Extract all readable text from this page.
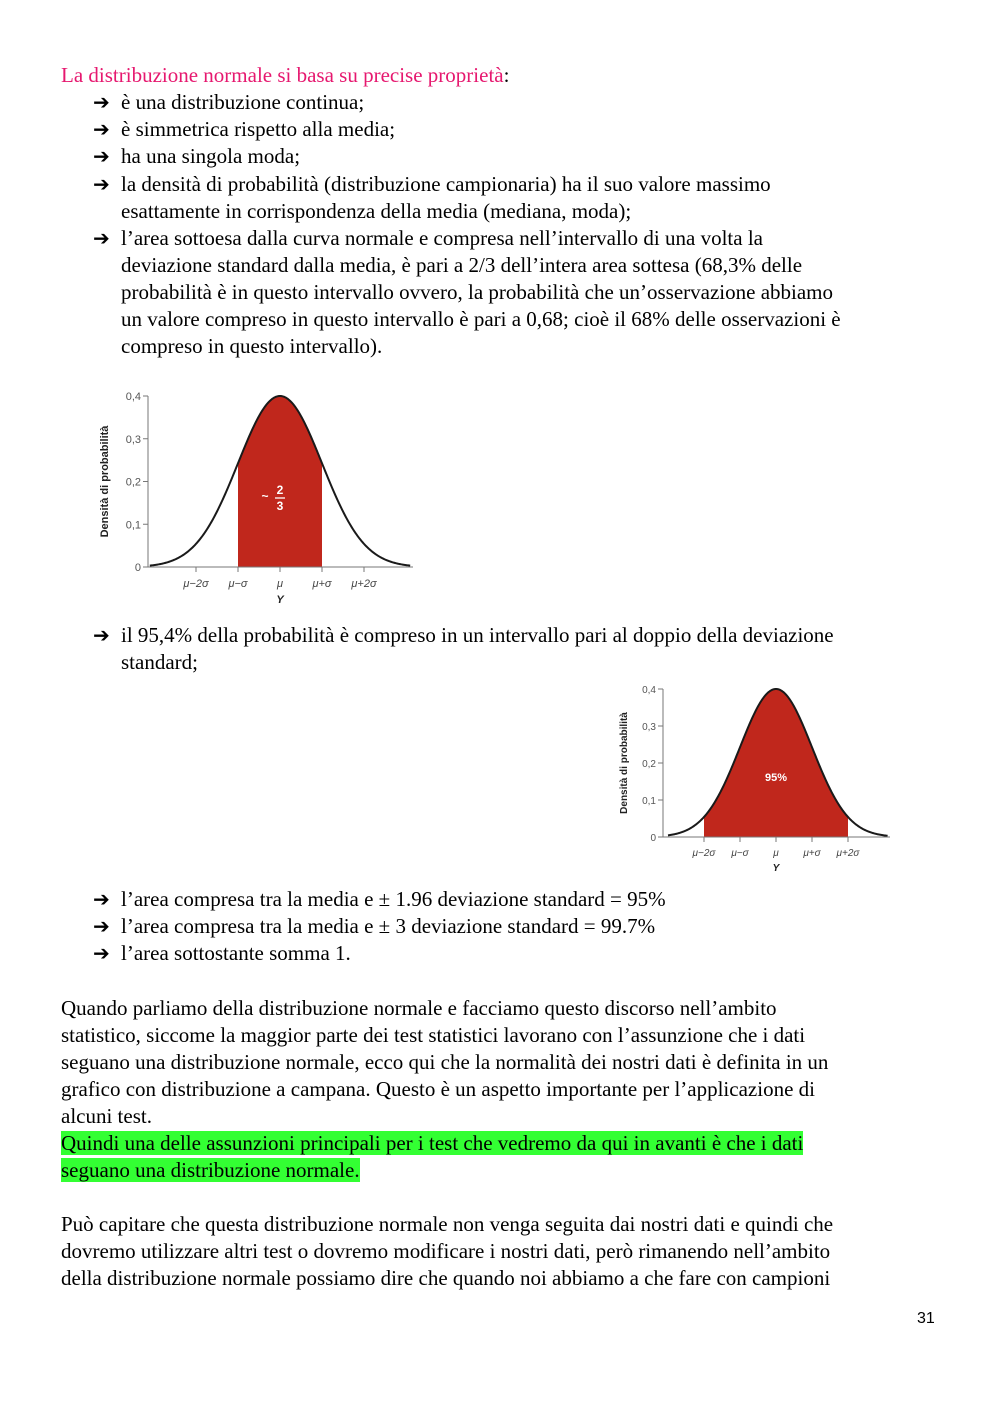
La distribuzione normale si basa su precise proprietà:
➔ è una distribuzione continua;
➔ è simmetrica rispetto alla media;
➔ ha una singola moda;
➔ la densità di probabilità (distribuzione campionaria) ha il suo valore massimo
esattamente in corrispondenza della media (mediana, moda);
➔ l’area sottoesa dalla curva normale e compresa nell’intervallo di una volta la
deviazione standard dalla media, è pari a 2/3 dell’intera area sottesa (68,3% delle
probabilità è in questo intervallo ovvero, la probabilità che un’osservazione abbiamo
un valore compreso in questo intervallo è pari a 0,68; cioè il 68% delle osservazioni è
compreso in questo intervallo).
0
0,1
0,2
0,3
0,4
μ−2σ μ−σ	μ	μ+σ μ+2σ
Densità di probabilità
Y
~ 2
3
➔ il 95,4% della probabilità è compreso in un intervallo pari al doppio della deviazione
standard;
0
0,1
0,2
0,3
0,4
μ−2σ μ−σ μ μ+σ μ+2σ
Densità di probabilità
Y
95%
➔ l’area compresa tra la media e ± 1.96 deviazione standard = 95%
➔ l’area compresa tra la media e ± 3 deviazione standard = 99.7%
➔ l’area sottostante somma 1.
Quando parliamo della distribuzione normale e facciamo questo discorso nell’ambito
statistico, siccome la maggior parte dei test statistici lavorano con l’assunzione che i dati
seguano una distribuzione normale, ecco qui che la normalità dei nostri dati è definita in un
grafico con distribuzione a campana. Questo è un aspetto importante per l’applicazione di
alcuni test.
Quindi una delle assunzioni principali per i test che vedremo da qui in avanti è che i dati
seguano una distribuzione normale.
Può capitare che questa distribuzione normale non venga seguita dai nostri dati e quindi che
dovremo utilizzare altri test o dovremo modificare i nostri dati, però rimanendo nell’ambito
della distribuzione normale possiamo dire che quando noi abbiamo a che fare con campioni
31
